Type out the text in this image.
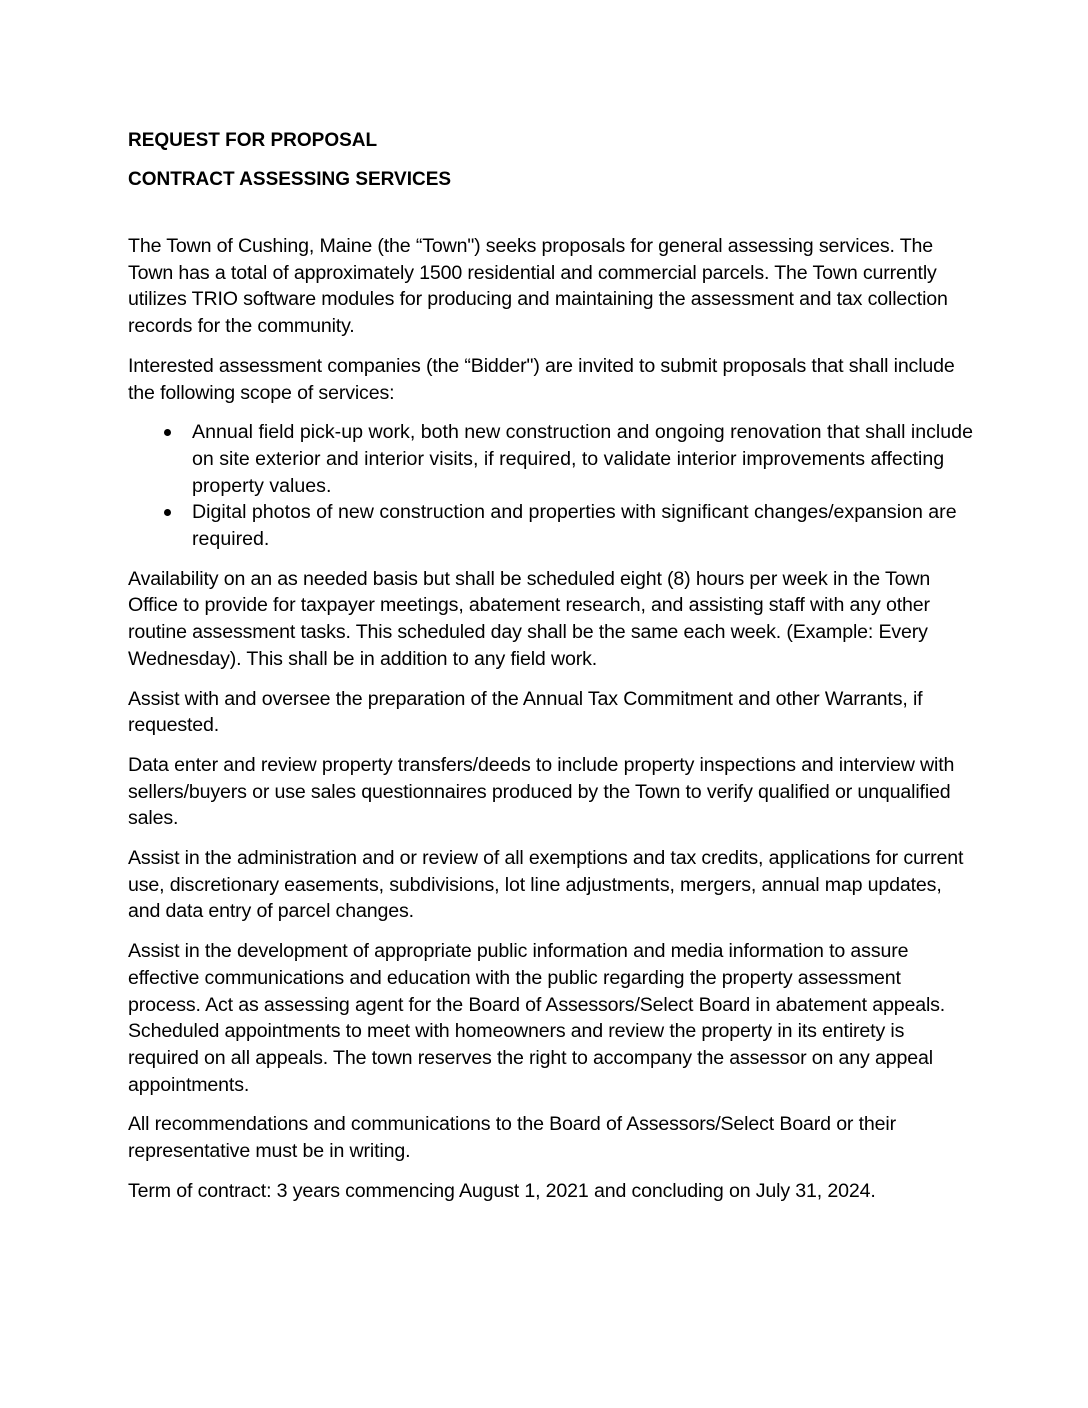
REQUEST FOR PROPOSAL
CONTRACT ASSESSING SERVICES

The Town of Cushing, Maine (the “Town") seeks proposals for general assessing services. The Town has a total of approximately 1500 residential and commercial parcels. The Town currently utilizes TRIO software modules for producing and maintaining the assessment and tax collection records for the community.

Interested assessment companies (the “Bidder") are invited to submit proposals that shall include the following scope of services:

Annual field pick-up work, both new construction and ongoing renovation that shall include on site exterior and interior visits, if required, to validate interior improvements affecting property values.
Digital photos of new construction and properties with significant changes/expansion are required.

Availability on an as needed basis but shall be scheduled eight (8) hours per week in the Town Office to provide for taxpayer meetings, abatement research, and assisting staff with any other routine assessment tasks. This scheduled day shall be the same each week. (Example: Every Wednesday). This shall be in addition to any field work.

Assist with and oversee the preparation of the Annual Tax Commitment and other Warrants, if requested.

Data enter and review property transfers/deeds to include property inspections and interview with sellers/buyers or use sales questionnaires produced by the Town to verify qualified or unqualified sales.

Assist in the administration and or review of all exemptions and tax credits, applications for current use, discretionary easements, subdivisions, lot line adjustments, mergers, annual map updates, and data entry of parcel changes.

Assist in the development of appropriate public information and media information to assure effective communications and education with the public regarding the property assessment process. Act as assessing agent for the Board of Assessors/Select Board in abatement appeals. Scheduled appointments to meet with homeowners and review the property in its entirety is required on all appeals. The town reserves the right to accompany the assessor on any appeal appointments.

All recommendations and communications to the Board of Assessors/Select Board or their representative must be in writing.

Term of contract: 3 years commencing August 1, 2021 and concluding on July 31, 2024.
